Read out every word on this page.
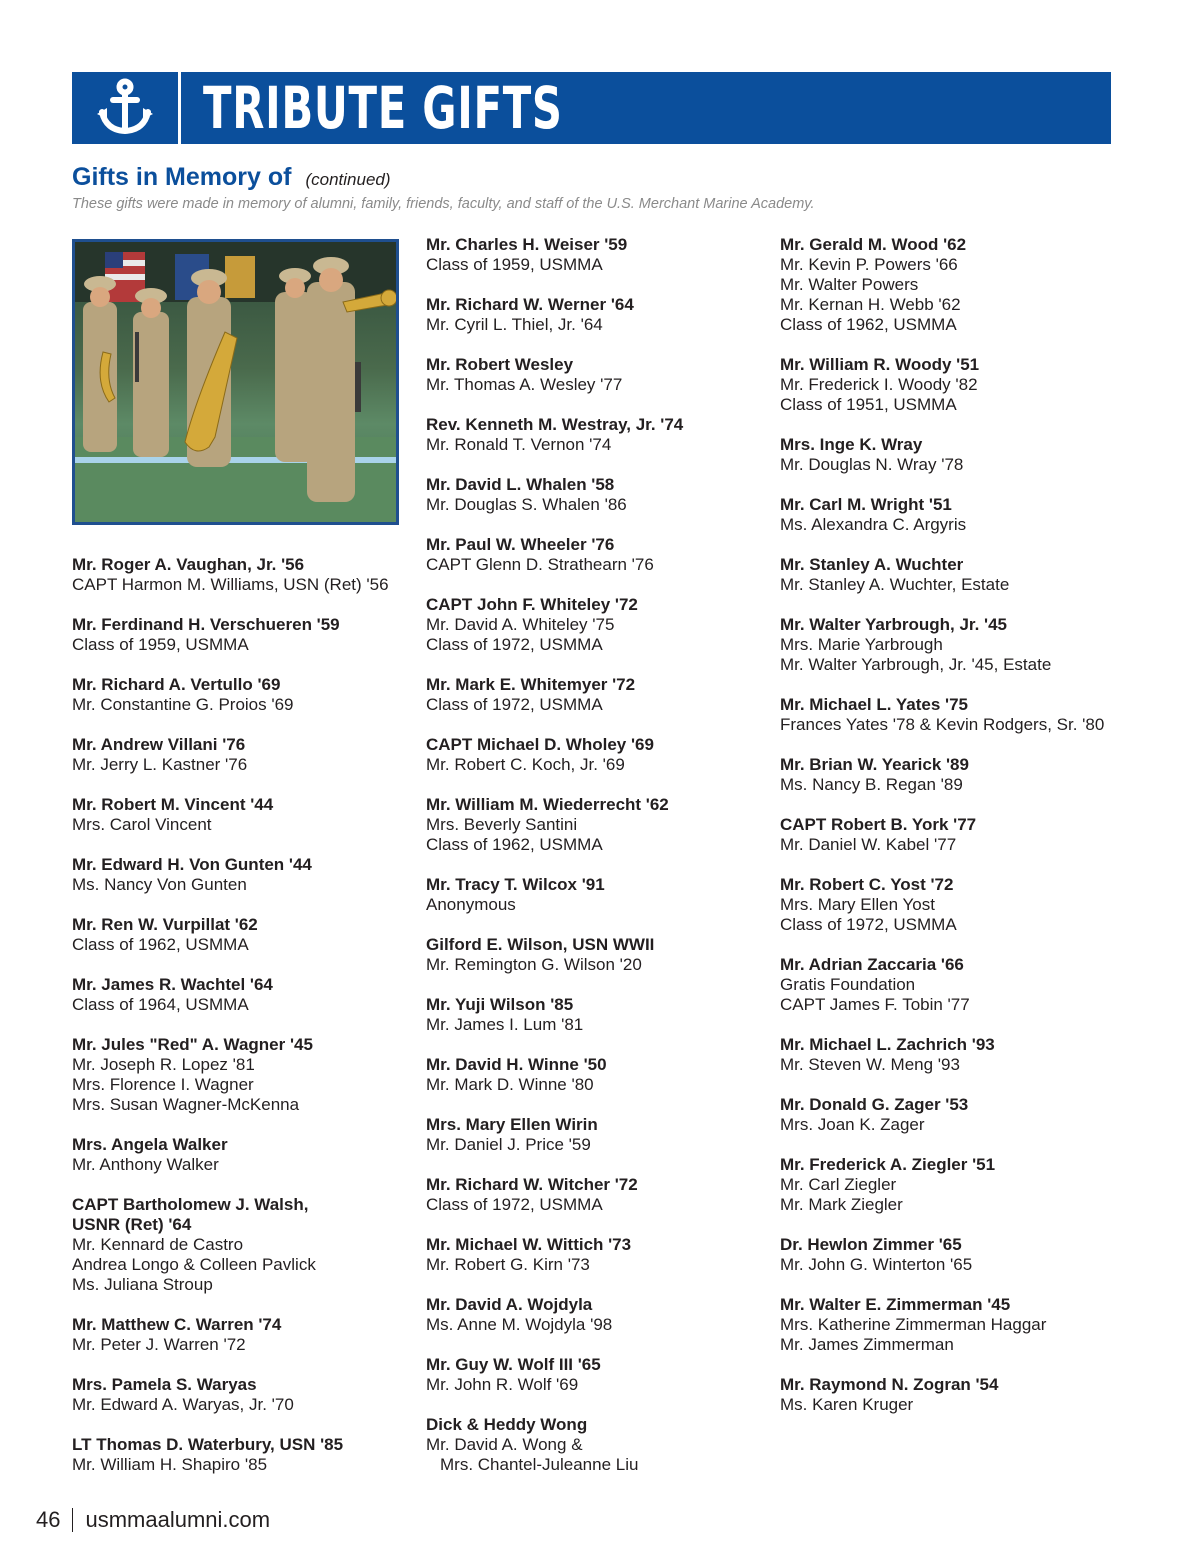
TRIBUTE GIFTS
Gifts in Memory of (continued)
These gifts were made in memory of alumni, family, friends, faculty, and staff of the U.S. Merchant Marine Academy.
Mr. Roger A. Vaughan, Jr. '56
CAPT Harmon M. Williams, USN (Ret) '56
Mr. Ferdinand H. Verschueren '59
Class of 1959, USMMA
Mr. Richard A. Vertullo '69
Mr. Constantine G. Proios '69
Mr. Andrew Villani '76
Mr. Jerry L. Kastner '76
Mr. Robert M. Vincent '44
Mrs. Carol Vincent
Mr. Edward H. Von Gunten '44
Ms. Nancy Von Gunten
Mr. Ren W. Vurpillat '62
Class of 1962, USMMA
Mr. James R. Wachtel '64
Class of 1964, USMMA
Mr. Jules "Red" A. Wagner '45
Mr. Joseph R. Lopez '81
Mrs. Florence I. Wagner
Mrs. Susan Wagner-McKenna
Mrs. Angela Walker
Mr. Anthony Walker
CAPT Bartholomew J. Walsh,
USNR (Ret) '64
Mr. Kennard de Castro
Andrea Longo & Colleen Pavlick
Ms. Juliana Stroup
Mr. Matthew C. Warren '74
Mr. Peter J. Warren '72
Mrs. Pamela S. Waryas
Mr. Edward A. Waryas, Jr. '70
LT Thomas D. Waterbury, USN '85
Mr. William H. Shapiro '85
Mr. Charles H. Weiser '59
Class of 1959, USMMA
Mr. Richard W. Werner '64
Mr. Cyril L. Thiel, Jr. '64
Mr. Robert Wesley
Mr. Thomas A. Wesley '77
Rev. Kenneth M. Westray, Jr. '74
Mr. Ronald T. Vernon '74
Mr. David L. Whalen '58
Mr. Douglas S. Whalen '86
Mr. Paul W. Wheeler '76
CAPT Glenn D. Strathearn '76
CAPT John F. Whiteley '72
Mr. David A. Whiteley '75
Class of 1972, USMMA
Mr. Mark E. Whitemyer '72
Class of 1972, USMMA
CAPT Michael D. Wholey '69
Mr. Robert C. Koch, Jr. '69
Mr. William M. Wiederrecht '62
Mrs. Beverly Santini
Class of 1962, USMMA
Mr. Tracy T. Wilcox '91
Anonymous
Gilford E. Wilson, USN WWII
Mr. Remington G. Wilson '20
Mr. Yuji Wilson '85
Mr. James I. Lum '81
Mr. David H. Winne '50
Mr. Mark D. Winne '80
Mrs. Mary Ellen Wirin
Mr. Daniel J. Price '59
Mr. Richard W. Witcher '72
Class of 1972, USMMA
Mr. Michael W. Wittich '73
Mr. Robert G. Kirn '73
Mr. David A. Wojdyla
Ms. Anne M. Wojdyla '98
Mr. Guy W. Wolf III '65
Mr. John R. Wolf '69
Dick & Heddy Wong
Mr. David A. Wong &
Mrs. Chantel-Juleanne Liu
Mr. Gerald M. Wood '62
Mr. Kevin P. Powers '66
Mr. Walter Powers
Mr. Kernan H. Webb '62
Class of 1962, USMMA
Mr. William R. Woody '51
Mr. Frederick I. Woody '82
Class of 1951, USMMA
Mrs. Inge K. Wray
Mr. Douglas N. Wray '78
Mr. Carl M. Wright '51
Ms. Alexandra C. Argyris
Mr. Stanley A. Wuchter
Mr. Stanley A. Wuchter, Estate
Mr. Walter Yarbrough, Jr. '45
Mrs. Marie Yarbrough
Mr. Walter Yarbrough, Jr. '45, Estate
Mr. Michael L. Yates '75
Frances Yates '78 & Kevin Rodgers, Sr. '80
Mr. Brian W. Yearick '89
Ms. Nancy B. Regan '89
CAPT Robert B. York '77
Mr. Daniel W. Kabel '77
Mr. Robert C. Yost '72
Mrs. Mary Ellen Yost
Class of 1972, USMMA
Mr. Adrian Zaccaria '66
Gratis Foundation
CAPT James F. Tobin '77
Mr. Michael L. Zachrich '93
Mr. Steven W. Meng '93
Mr. Donald G. Zager '53
Mrs. Joan K. Zager
Mr. Frederick A. Ziegler '51
Mr. Carl Ziegler
Mr. Mark Ziegler
Dr. Hewlon Zimmer '65
Mr. John G. Winterton '65
Mr. Walter E. Zimmerman '45
Mrs. Katherine Zimmerman Haggar
Mr. James Zimmerman
Mr. Raymond N. Zogran '54
Ms. Karen Kruger
46 usmmaalumni.com
